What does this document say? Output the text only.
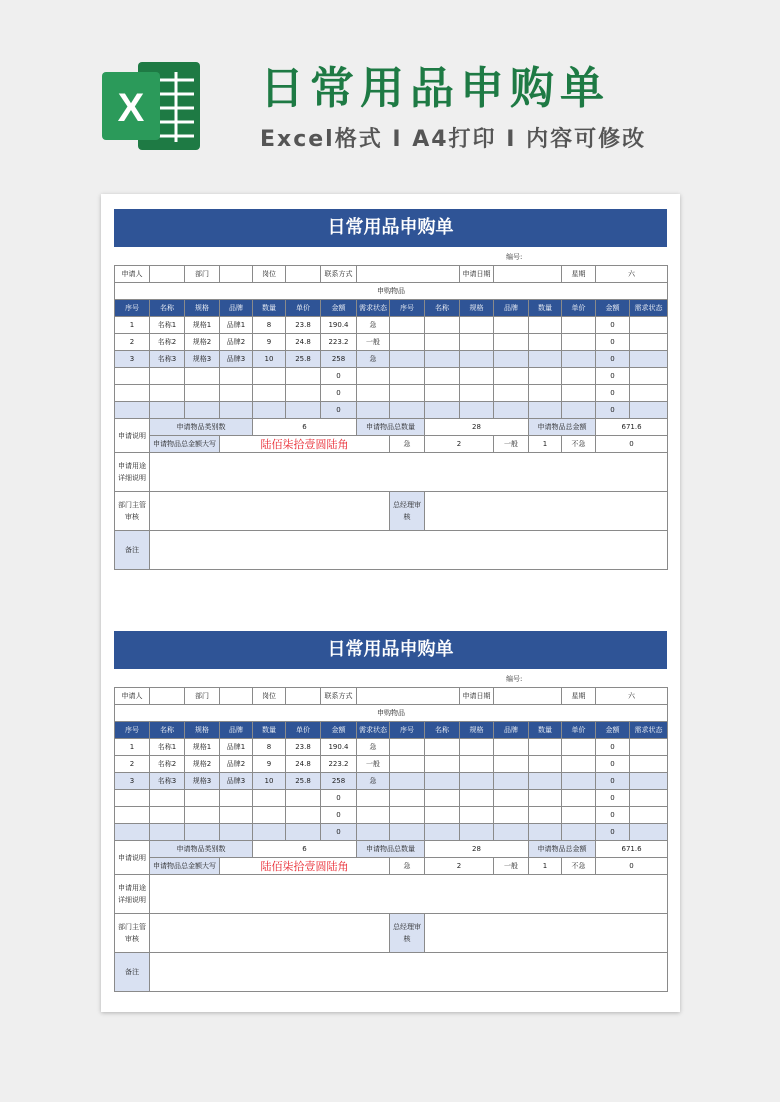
X	日常用品申购单
Excel格式 I A4打印 I 内容可修改
日常用品申购单
编号:
申请人		部门		岗位		联系方式				申请日期			星期	六	
申购物品															
序号	名称	规格	品牌	数量	单价	金额	需求状态	序号	名称	规格	品牌	数量	单价	金额	需求状态
1	名称1	规格1	品牌1	8	23.8	190.4	急							0	
2	名称2	规格2	品牌2	9	24.8	223.2	一般							0	
3	名称3	规格3	品牌3	10	25.8	258	急							0	
						0								0	
						0								0	
						0								0	
申请说明	申请物品类别数			6			申请物品总数量		28			申请物品总金额		671.6	
	申请物品总金额大写		陆佰柒拾壹圆陆角					急	2		一般	1	不急	0	
申请用途详细说明															
部门主管审核								总经理审核							
备注															
日常用品申购单
编号:
申请人		部门		岗位		联系方式				申请日期			星期	六	
申购物品															
序号	名称	规格	品牌	数量	单价	金额	需求状态	序号	名称	规格	品牌	数量	单价	金额	需求状态
1	名称1	规格1	品牌1	8	23.8	190.4	急							0	
2	名称2	规格2	品牌2	9	24.8	223.2	一般							0	
3	名称3	规格3	品牌3	10	25.8	258	急							0	
						0								0	
						0								0	
						0								0	
申请说明	申请物品类别数			6			申请物品总数量		28			申请物品总金额		671.6	
	申请物品总金额大写		陆佰柒拾壹圆陆角					急	2		一般	1	不急	0	
申请用途详细说明															
部门主管审核								总经理审核							
备注															
